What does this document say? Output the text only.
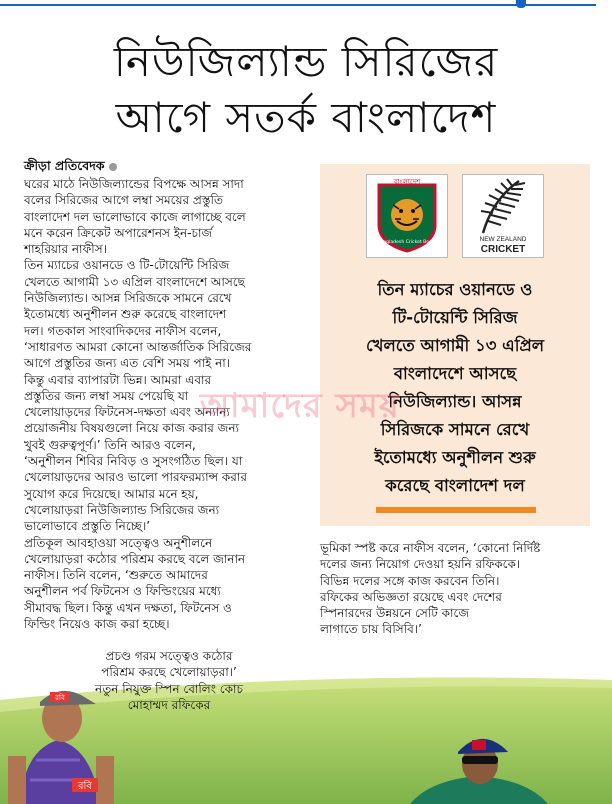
নিউজিল্যান্ড সিরিজের
আগে সতর্ক বাংলাদেশ
ক্রীড়া প্রতিবেদক

ঘরের মাঠে নিউজিল্যান্ডের বিপক্ষে আসন্ন সাদা

বলের সিরিজের আগে লম্বা সময়ের প্রস্তুতি

বাংলাদেশ দল ভালোভাবে কাজে লাগাচ্ছে বলে

মনে করেন ক্রিকেট অপারেশনস ইন-চার্জ

শাহরিয়ার নাফীস।

তিন ম্যাচের ওয়ানডে ও টি-টোয়েন্টি সিরিজ

খেলতে আগামী ১৩ এপ্রিল বাংলাদেশে আসছে

নিউজিল্যান্ড। আসন্ন সিরিজকে সামনে রেখে

ইতোমধ্যে অনুশীলন শুরু করেছে বাংলাদেশ

দল। গতকাল সাংবাদিকদের নাফীস বলেন,

‘সাধারণত আমরা কোনো আন্তর্জাতিক সিরিজের

আগে প্রস্তুতির জন্য এত বেশি সময় পাই না।

কিন্তু এবার ব্যাপারটা ভিন্ন। আমরা এবার

প্রস্তুতির জন্য লম্বা সময় পেয়েছি যা

খেলোয়াড়দের ফিটনেস-দক্ষতা এবং অন্যান্য

প্রয়োজনীয় বিষয়গুলো নিয়ে কাজ করার জন্য

খুবই গুরুত্বপূর্ণ।’ তিনি আরও বলেন,

‘অনুশীলন শিবির নিবিড় ও সুসংগঠিত ছিল। যা

খেলোয়াড়দের আরও ভালো পারফরম্যান্স করার

সুযোগ করে দিয়েছে। আমার মনে হয়,

খেলোয়াড়রা নিউজিল্যান্ড সিরিজের জন্য

ভালোভাবে প্রস্তুতি নিচ্ছে।’

প্রতিকূল আবহাওয়া সত্ত্বেও অনুশীলনে

খেলোয়াড়রা কঠোর পরিশ্রম করছে বলে জানান

নাফীস। তিনি বলেন, ‘শুরুতে আমাদের

অনুশীলন পর্ব ফিটনেস ও ফিল্ডিংয়ের মধ্যে

সীমাবদ্ধ ছিল। কিন্তু এখন দক্ষতা, ফিটনেস ও

ফিল্ডিং নিয়েও কাজ করা হচ্ছে।

বাংলাদেশ
Bangladesh Cricket Board	NEW ZEALAND
CRICKET
তিন ম্যাচের ওয়ানডে ও
টি-টোয়েন্টি সিরিজ
খেলতে আগামী ১৩ এপ্রিল
বাংলাদেশে আসছে
নিউজিল্যান্ড। আসন্ন
সিরিজকে সামনে রেখে
ইতোমধ্যে অনুশীলন শুরু
করেছে বাংলাদেশ দল

ভূমিকা স্পষ্ট করে নাফীস বলেন, ‘কোনো নির্দিষ্ট

দলের জন্য নিয়োগ দেওয়া হয়নি রফিককে।

বিভিন্ন দলের সঙ্গে কাজ করবেন তিনি।

রফিকের অভিজ্ঞতা রয়েছে এবং দেশের

স্পিনারদের উন্নয়নে সেটি কাজে

লাগাতে চায় বিসিবি।’

রবি
রবি

প্রচণ্ড গরম সত্ত্বেও কঠোর

পরিশ্রম করছে খেলোয়াড়রা।’

নতুন নিযুক্ত স্পিন বোলিং কোচ

মোহাম্মদ রফিকের

আমাদের সময়
